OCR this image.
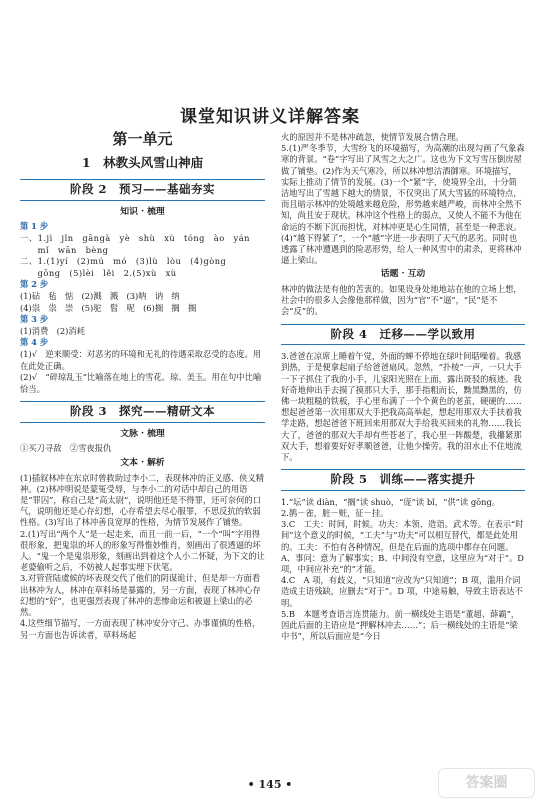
课堂知识讲义详解答案
第一单元
1　林教头风雪山神庙
阶段 2　预习——基础夯实
知识 · 梳理

第 1 步

一、1.jì　jǐn　gāngà　yè　shù　xù　tóng　ào　yán

　　mǐ　wān　bèng

二、1.(1)yí　(2)mú　mó　(3)lù　lòu　(4)gòng

　　gōng　(5)lèi　lěi　2.(5)xù　xù

第 2 步

(1)砧　毡　惦　(2)溅　溅　(3)呐　讷　纳

(4)祟　祟　崇　(5)驼　髫　呢　(6)搁　搁　搁

第 3 步

(1)消费　(2)消耗

第 4 步

(1)√　逆来顺受：对恶劣的环境和无礼的待遇采取忍受的态度。用在此处正确。

(2)√　“碎琼乱玉”比喻落在地上的雪花。琼、美玉。用在句中比喻恰当。

阶段 3　探究——精研文本
文脉 · 梳理

①买刀寻敌　②雪夜报仇

文本 · 解析

(1)插叙林冲在东京时曾救助过李小二，表现林冲的正义感、侠义精神。(2)林冲明说是蒙冤受辱，与李小二的对话中却自己的用语是“罪囚”，称自己是“高太尉”，说明他还是不得罪，还可奈何的口气，说明他还是心存幻想，心存希望去尽心服罪，不思反抗的软弱性格。(3)写出了林冲善良宽厚的性格，为情节发展作了铺垫。

2.(1)写出“两个人”是一起走来，而且一前一后，“一个”叫“字用得很形象，把鬼祟的坏人的形象写得惟妙惟肖，刻画出了很透逼的坏人。“鬼一个是鬼祟形象，刻画出到着这个人小二怀疑，为下文的让老婆偷听之后，不妨被人起事实埋下伏笔。

3.对管营陆虞候的坏表现交代了他们的阴谋诡计，但是却一方面看出林冲为人，林冲在草料场是暴露的，另一方面，表现了林冲心存幻想的“好”，也更强烈表现了林冲的悲惨命运和被逼上梁山的必然。

4.这些细节描写，一方面表现了林冲安分守己、办事谨慎的性格，另一方面也告诉读者，草料场起

火的原因并不是林冲疏忽，使情节发展合情合理。

5.(1)严冬季节，大雪纷飞的环境描写，为高潮的出现勾画了气象森寒的背景。“卷”字写出了风雪之大之广。这也为下文写雪压倒房屋做了铺垫。(2)作为天气寒冷，所以林冲想沽酒御寒。环境描写，实际上推动了情节的发展。(3)一个“紧”字，使境界全出，十分简洁地写出了雪越下越大的情景，不仅突出了风大雪猛的环境特点，而且暗示林冲的处境越来越危险，形势越来越严峻，而林冲全然不知，尚且安于现状。林冲这个性格上的弱点，又使人不能不为他在命运的不断下沉而担忧，对林冲更是心生同情，甚至是一种悲哀。(4)“越下得紧了”，一个“越”字进一步表明了天气的恶劣。同时也透露了林冲遭遇到的险恶形势，给人一种风雪中的肃杀，更将林冲逼上梁山。

话题 · 互动

林冲的做法是有他的苦衷的。如果设身处地地站在他的立场上想，社会中的很多人会像他那样做，因为“官”不“逼”，“民”是不会“反”的。

阶段 4　迁移——学以致用

3.爸爸在凉席上睡着午觉，外面的蝉不停地在绿叶间聒噪着。我感到热，于是便拿起扇子给爸爸扇风。忽然，“扑棱”一声，一只大手一下子抓住了我的小手，儿家阳光照在上面，露出斑驳的痕迹。我好奇地伸出手去摸了摸那只大手，那手指粗而长，黝黑黝黑的，仿佛一块粗糙的铁板，手心里布满了一个个黄色的老茧，硬硬的……想起爸爸第一次用那双大手把我高高举起，想起用那双大手扶着我学走路，想起爸爸下班回来用那双大手给我买回来的礼物……我长大了，爸爸的那双大手却有些苍老了，我心里一阵酸楚，我攥紧那双大手，想着要好好孝顺爸爸，让他少操劳。我的泪水止不住地流下。

阶段 5　训练——落实提升

1.“坛”读 diàn，“搁”读 shuò，“庞”读 bǐ，“供”读 gōng。

2.鹊－雀，脏－赃，征－挂。

3.C　工夫：时间，时候。功夫：本领、造诣。武术等。在表示“时间”这个意义的时候，“工夫”与“功夫”可以相互替代，都是此处用的。工夫：不怕有各种情况，但是在后面的选项中都存在问题。A、事问：意为了解事实；B、中间没有空意，这里应为“对于”。D 项，中间应补充“的”才能。

4.C　A 项，有歧义，“只知道”应改为“只知道”；B 项，滥用介词造成主语残缺，应删去“对于”。D 项，中途易触，导致主语表达不明。

5.B　本题考查语言连贯能力。前一横线处主语是“董超、薛霸”，因此后面的主语应是“押解林冲去……”；后一横线处的主语是“梁中书”，所以后面应是“今日

• 145 •	答案圈
